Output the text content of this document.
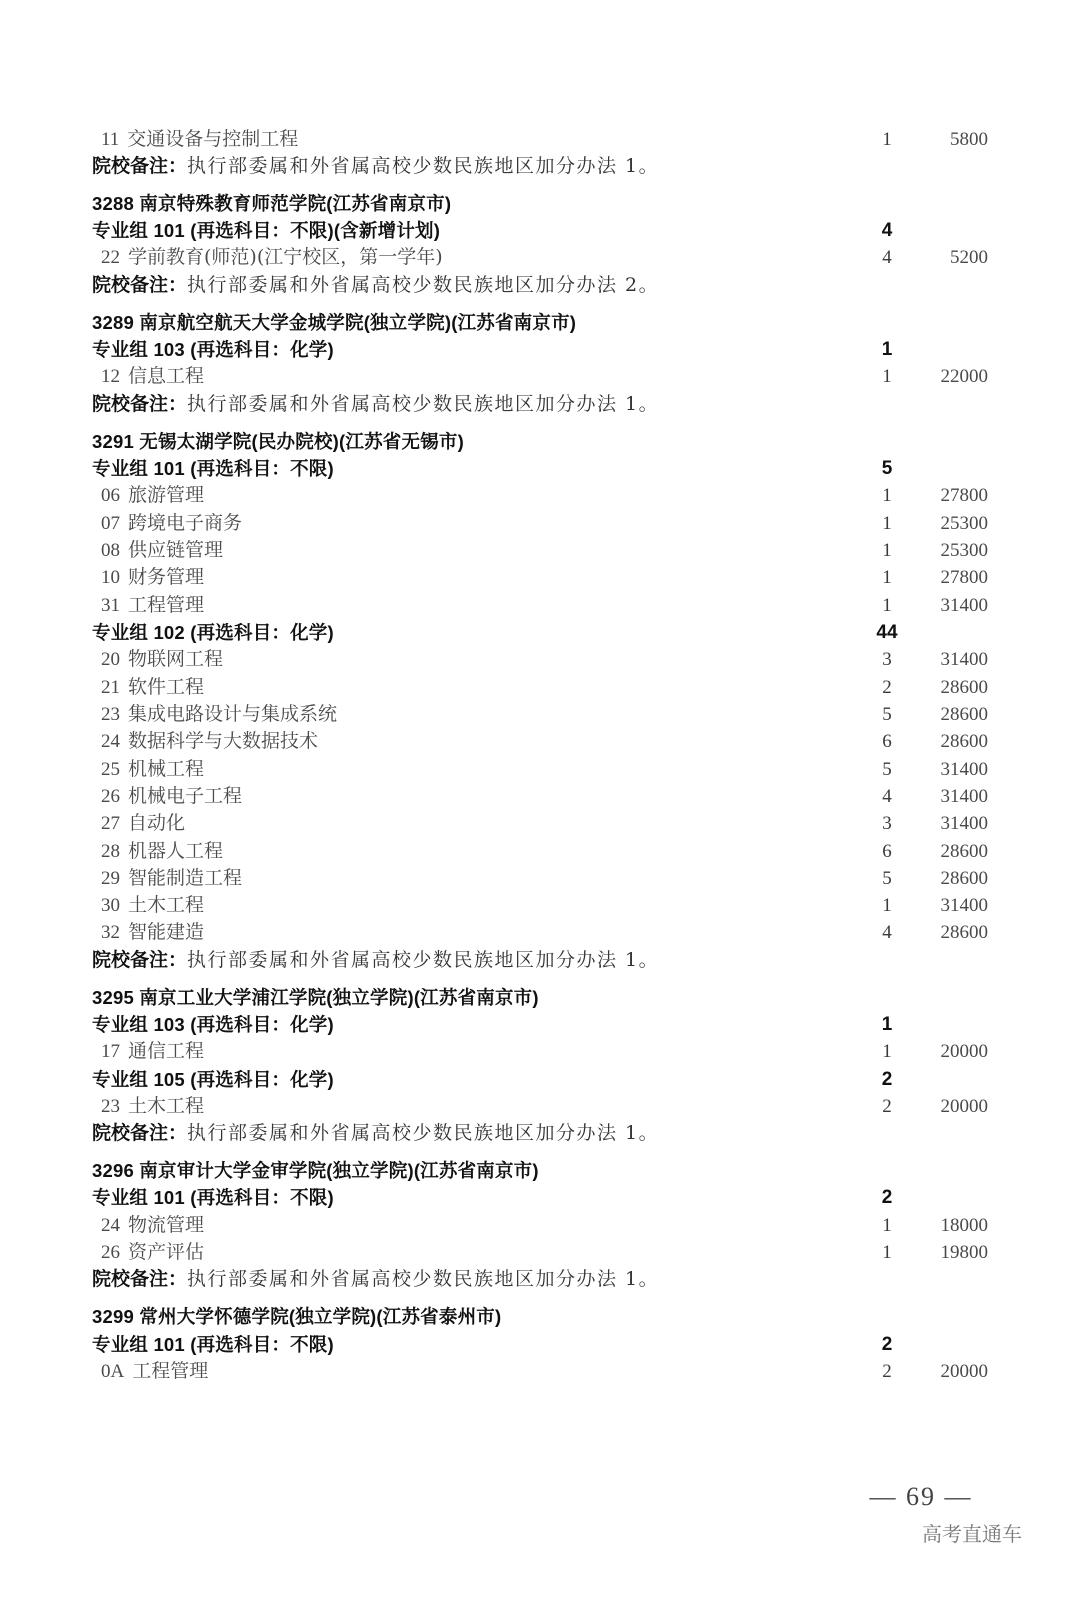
11 交通设备与控制工程	1	5800
院校备注：执行部委属和外省属高校少数民族地区加分办法 1。
3288 南京特殊教育师范学院(江苏省南京市)
专业组 101 (再选科目：不限)(含新增计划)	4
22 学前教育(师范)(江宁校区，第一学年)	4	5200
院校备注：执行部委属和外省属高校少数民族地区加分办法 2。
3289 南京航空航天大学金城学院(独立学院)(江苏省南京市)
专业组 103 (再选科目：化学)	1
12 信息工程	1	22000
院校备注：执行部委属和外省属高校少数民族地区加分办法 1。
3291 无锡太湖学院(民办院校)(江苏省无锡市)
专业组 101 (再选科目：不限)	5
06 旅游管理	1	27800
07 跨境电子商务	1	25300
08 供应链管理	1	25300
10 财务管理	1	27800
31 工程管理	1	31400
专业组 102 (再选科目：化学)	44
20 物联网工程	3	31400
21 软件工程	2	28600
23 集成电路设计与集成系统	5	28600
24 数据科学与大数据技术	6	28600
25 机械工程	5	31400
26 机械电子工程	4	31400
27 自动化	3	31400
28 机器人工程	6	28600
29 智能制造工程	5	28600
30 土木工程	1	31400
32 智能建造	4	28600
院校备注：执行部委属和外省属高校少数民族地区加分办法 1。
3295 南京工业大学浦江学院(独立学院)(江苏省南京市)
专业组 103 (再选科目：化学)	1
17 通信工程	1	20000
专业组 105 (再选科目：化学)	2
23 土木工程	2	20000
院校备注：执行部委属和外省属高校少数民族地区加分办法 1。
3296 南京审计大学金审学院(独立学院)(江苏省南京市)
专业组 101 (再选科目：不限)	2
24 物流管理	1	18000
26 资产评估	1	19800
院校备注：执行部委属和外省属高校少数民族地区加分办法 1。
3299 常州大学怀德学院(独立学院)(江苏省泰州市)
专业组 101 (再选科目：不限)	2
0A 工程管理	2	20000
— 69 —
高考直通车
